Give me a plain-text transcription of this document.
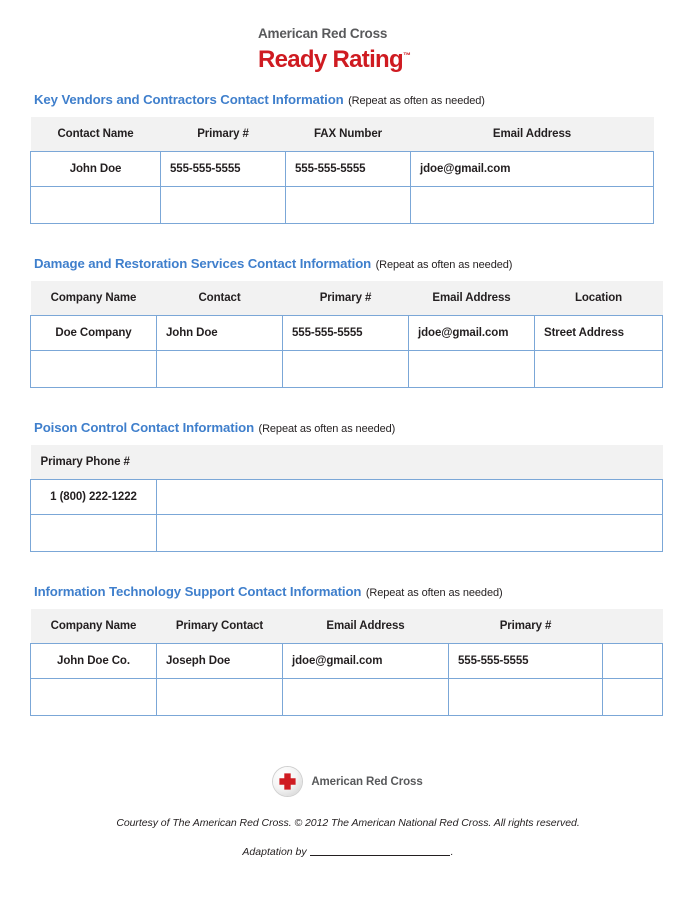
American Red Cross
Ready Rating™
Key Vendors and Contractors Contact Information (Repeat as often as needed)
Contact Name	Primary #	FAX Number	Email Address
John Doe	555-555-5555	555-555-5555	jdoe@gmail.com

Damage and Restoration Services Contact Information (Repeat as often as needed)
Company Name	Contact	Primary #	Email Address	Location
Doe Company	John Doe	555-555-5555	jdoe@gmail.com	Street Address

Poison Control Contact Information (Repeat as often as needed)
Primary Phone #	
1 (800) 222-1222	

Information Technology Support Contact Information (Repeat as often as needed)
Company Name	Primary Contact	Email Address	Primary #	
John Doe Co.	Joseph Doe	jdoe@gmail.com	555-555-5555	

American Red Cross
Courtesy of The American Red Cross. © 2012 The American National Red Cross. All rights reserved.
Adaptation by	.
